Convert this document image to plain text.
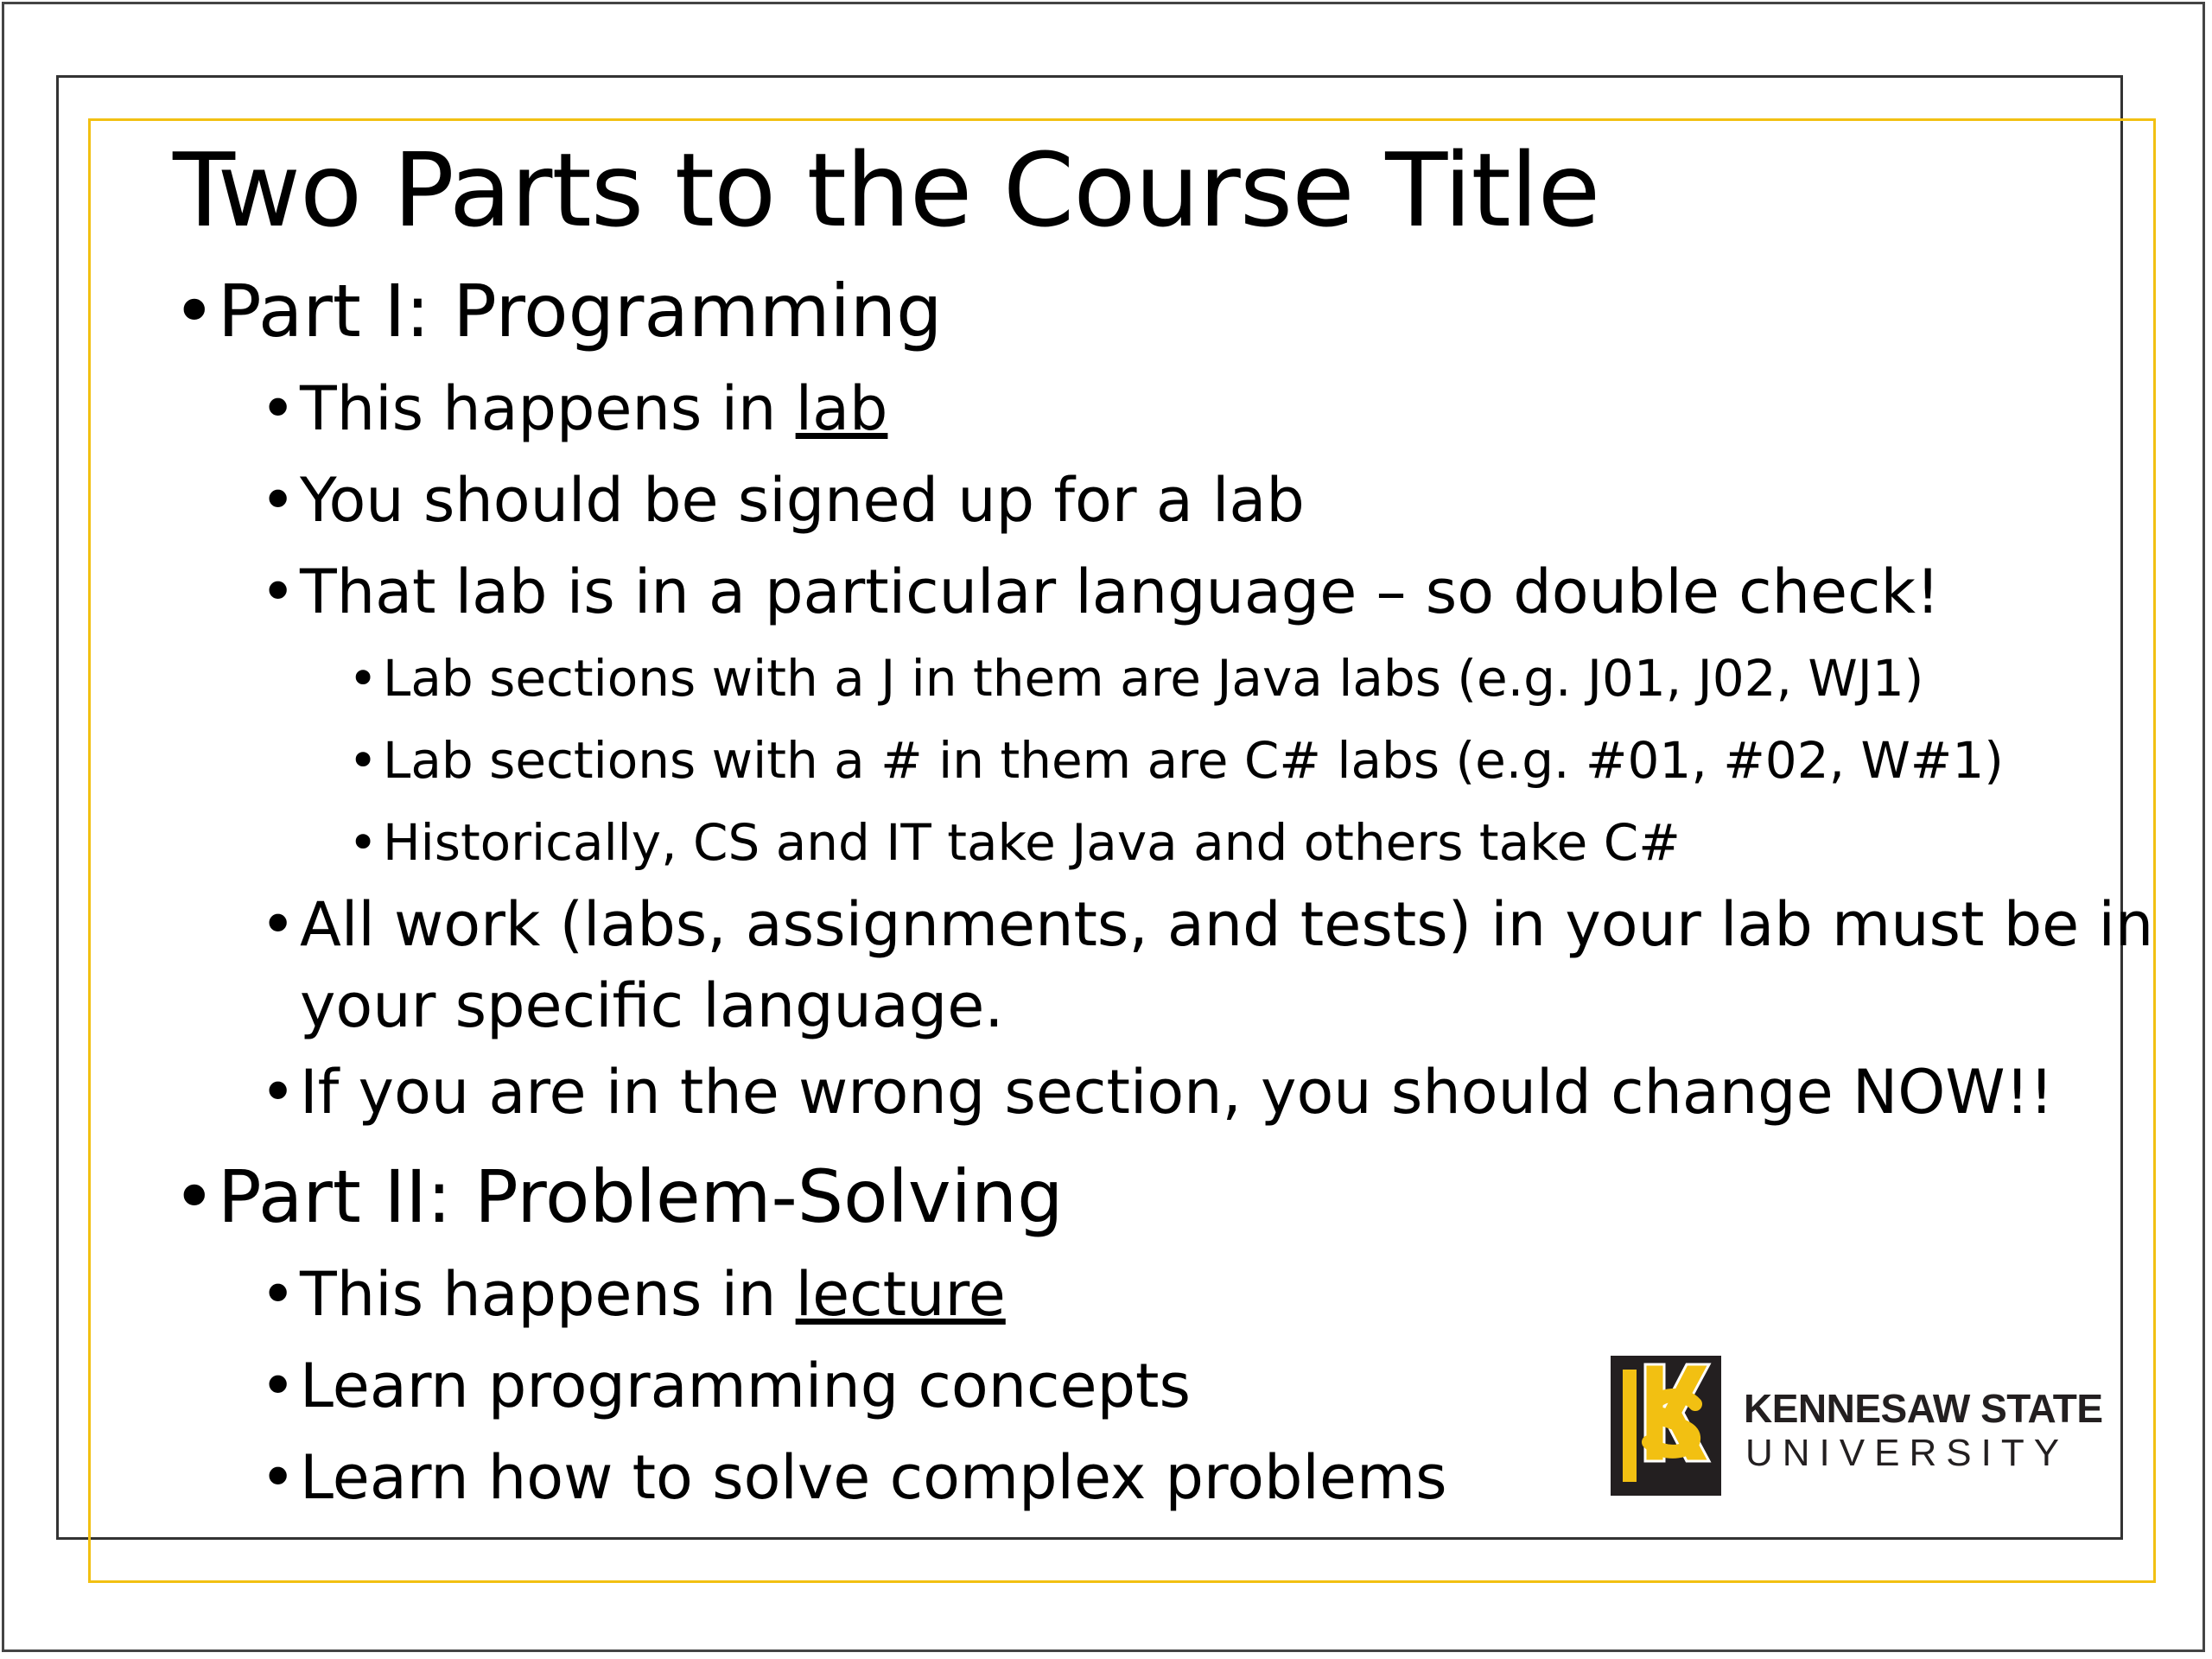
Two Parts to the Course Title
• Part I: Programming
• This happens in lab
• You should be signed up for a lab
• That lab is in a particular language – so double check!
• Lab sections with a J in them are Java labs (e.g. J01, J02, WJ1)
• Lab sections with a # in them are C# labs (e.g. #01, #02, W#1)
• Historically, CS and IT take Java and others take C#
• All work (labs, assignments, and tests) in your lab must be in your specific language.
• If you are in the wrong section, you should change NOW!!
• Part II: Problem-Solving
• This happens in lecture
• Learn programming concepts
• Learn how to solve complex problems
KENNESAW STATE
UNIVERSITY
